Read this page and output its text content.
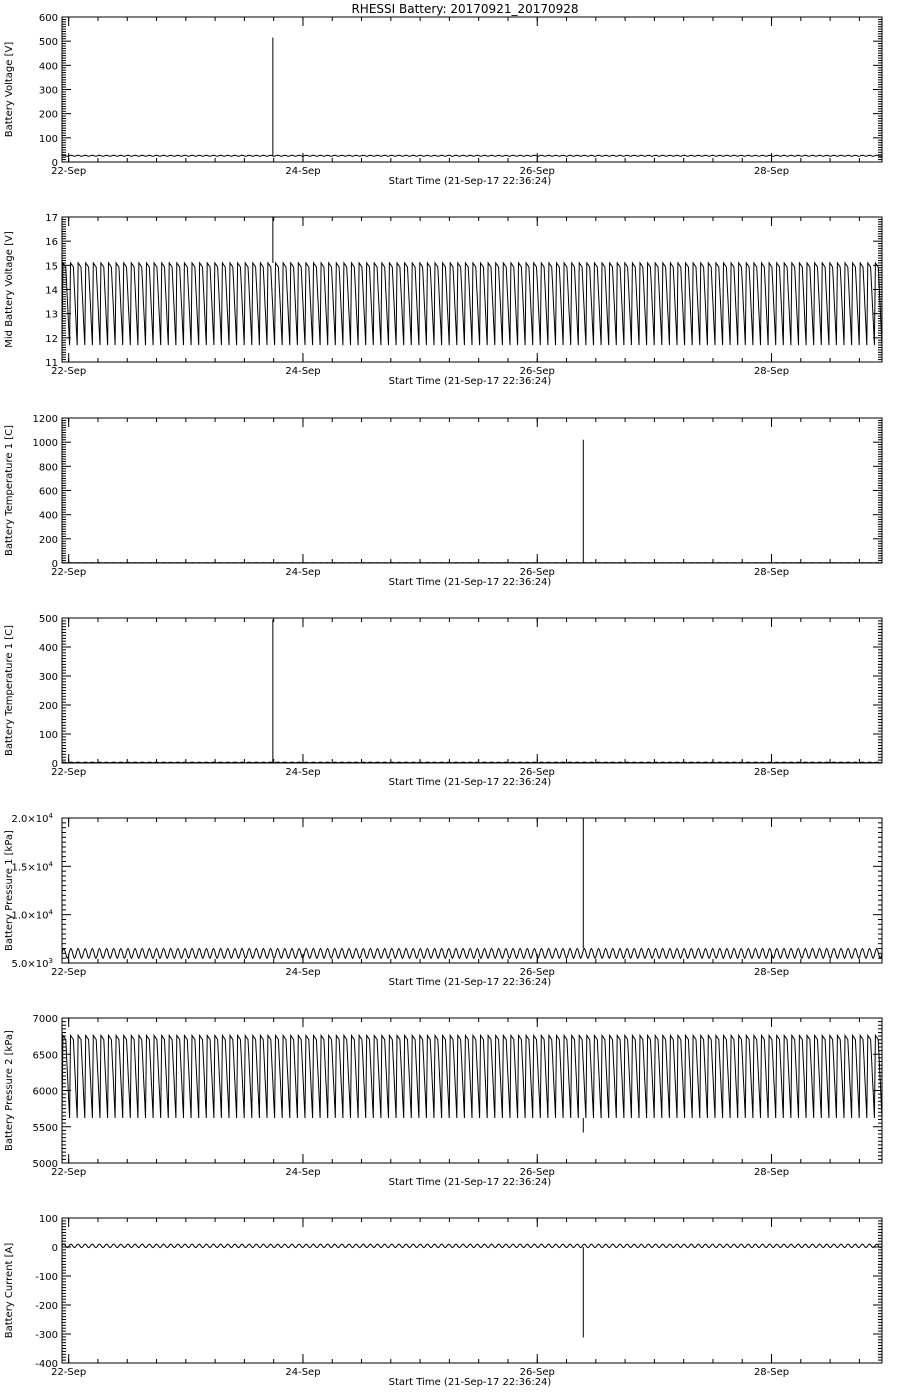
RHESSI Battery: 20170921_20170928
0
100
200
300
400
500
600
22-Sep	24-Sep	26-Sep	28-Sep
Start Time (21-Sep-17 22:36:24)
Battery Voltage [V]
11
12
13
14
15
16
17
22-Sep	24-Sep	26-Sep	28-Sep
Start Time (21-Sep-17 22:36:24)
Mid Battery Voltage [V]
0
200
400
600
800
1000
1200
22-Sep	24-Sep	26-Sep	28-Sep
Start Time (21-Sep-17 22:36:24)
Battery Temperature 1 [C]
0
100
200
300
400
500
22-Sep	24-Sep	26-Sep	28-Sep
Start Time (21-Sep-17 22:36:24)
Battery Temperature 1 [C]
$5.0\times 10^3$
$1.0\times 10^4$
$1.5\times 10^4$
$2.0\times 10^4$
22-Sep	24-Sep	26-Sep	28-Sep
Start Time (21-Sep-17 22:36:24)
Battery Pressure 1 [kPa]
5000
5500
6000
6500
7000
22-Sep	24-Sep	26-Sep	28-Sep
Start Time (21-Sep-17 22:36:24)
Battery Pressure 2 [kPa]
-400
-300
-200
-100
0
100
22-Sep	24-Sep	26-Sep	28-Sep
Start Time (21-Sep-17 22:36:24)
Battery Current [A]
